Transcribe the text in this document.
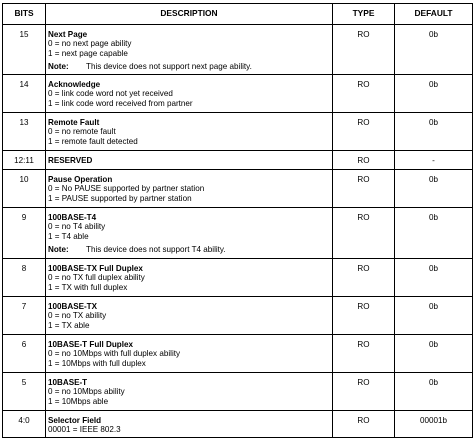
BITS	DESCRIPTION	TYPE	DEFAULT
15	Next Page
0 = no next page ability
1 = next page capable
Note: This device does not support next page ability.	RO	0b
14	Acknowledge
0 = link code word not yet received
1 = link code word received from partner	RO	0b
13	Remote Fault
0 = no remote fault
1 = remote fault detected	RO	0b
12:11	RESERVED	RO	-
10	Pause Operation
0 = No PAUSE supported by partner station
1 = PAUSE supported by partner station	RO	0b
9	100BASE-T4
0 = no T4 ability
1 = T4 able
Note: This device does not support T4 ability.	RO	0b
8	100BASE-TX Full Duplex
0 = no TX full duplex ability
1 = TX with full duplex	RO	0b
7	100BASE-TX
0 = no TX ability
1 = TX able	RO	0b
6	10BASE-T Full Duplex
0 = no 10Mbps with full duplex ability
1 = 10Mbps with full duplex	RO	0b
5	10BASE-T
0 = no 10Mbps ability
1 = 10Mbps able	RO	0b
4:0	Selector Field
00001 = IEEE 802.3	RO	00001b
